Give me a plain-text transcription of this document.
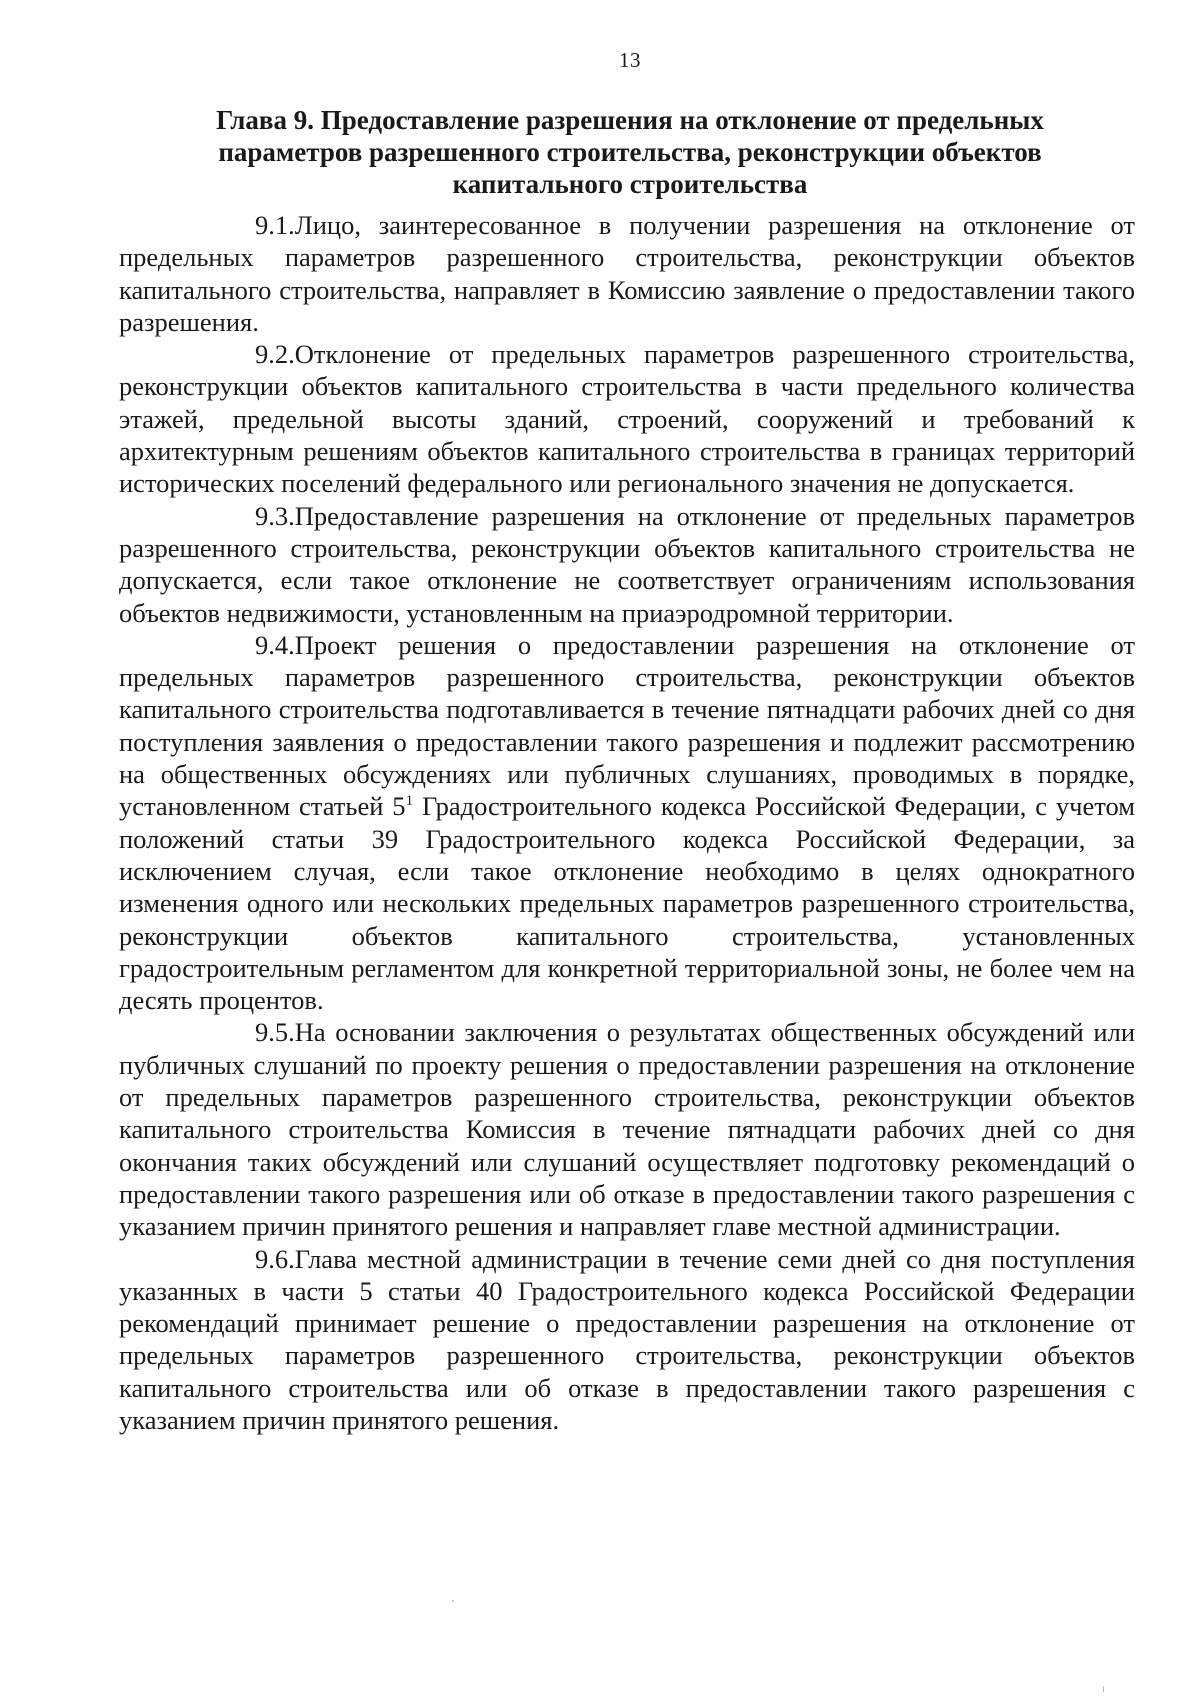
13
Глава 9. Предоставление разрешения на отклонение от предельных
параметров разрешенного строительства, реконструкции объектов
капитального строительства

9.1.Лицо, заинтересованное в получении разрешения на отклонение от предельных параметров разрешенного строительства, реконструкции объектов капитального строительства, направляет в Комиссию заявление о предоставлении такого разрешения.

9.2.Отклонение от предельных параметров разрешенного строительства, реконструкции объектов капитального строительства в части предельного количества этажей, предельной высоты зданий, строений, сооружений и требований к архитектурным решениям объектов капитального строительства в границах территорий исторических поселений федерального или регионального значения не допускается.

9.3.Предоставление разрешения на отклонение от предельных параметров разрешенного строительства, реконструкции объектов капитального строительства не допускается, если такое отклонение не соответствует ограничениям использования объектов недвижимости, установленным на приаэродромной территории.

9.4.Проект решения о предоставлении разрешения на отклонение от предельных параметров разрешенного строительства, реконструкции объектов капитального строительства подготавливается в течение пятнадцати рабочих дней со дня поступления заявления о предоставлении такого разрешения и подлежит рассмотрению на общественных обсуждениях или публичных слушаниях, проводимых в порядке, установленном статьей $5^1$ Градостроительного кодекса Российской Федерации, с учетом положений статьи 39 Градостроительного кодекса Российской Федерации, за исключением случая, если такое отклонение необходимо в целях однократного изменения одного или нескольких предельных параметров разрешенного строительства, реконструкции объектов капитального строительства, установленных градостроительным регламентом для конкретной территориальной зоны, не более чем на десять процентов.

9.5.На основании заключения о результатах общественных обсуждений или публичных слушаний по проекту решения о предоставлении разрешения на отклонение от предельных параметров разрешенного строительства, реконструкции объектов капитального строительства Комиссия в течение пятнадцати рабочих дней со дня окончания таких обсуждений или слушаний осуществляет подготовку рекомендаций о предоставлении такого разрешения или об отказе в предоставлении такого разрешения с указанием причин принятого решения и направляет главе местной администрации.

9.6.Глава местной администрации в течение семи дней со дня поступления указанных в части 5 статьи 40 Градостроительного кодекса Российской Федерации рекомендаций принимает решение о предоставлении разрешения на отклонение от предельных параметров разрешенного строительства, реконструкции объектов капитального строительства или об отказе в предоставлении такого разрешения с указанием причин принятого решения.
